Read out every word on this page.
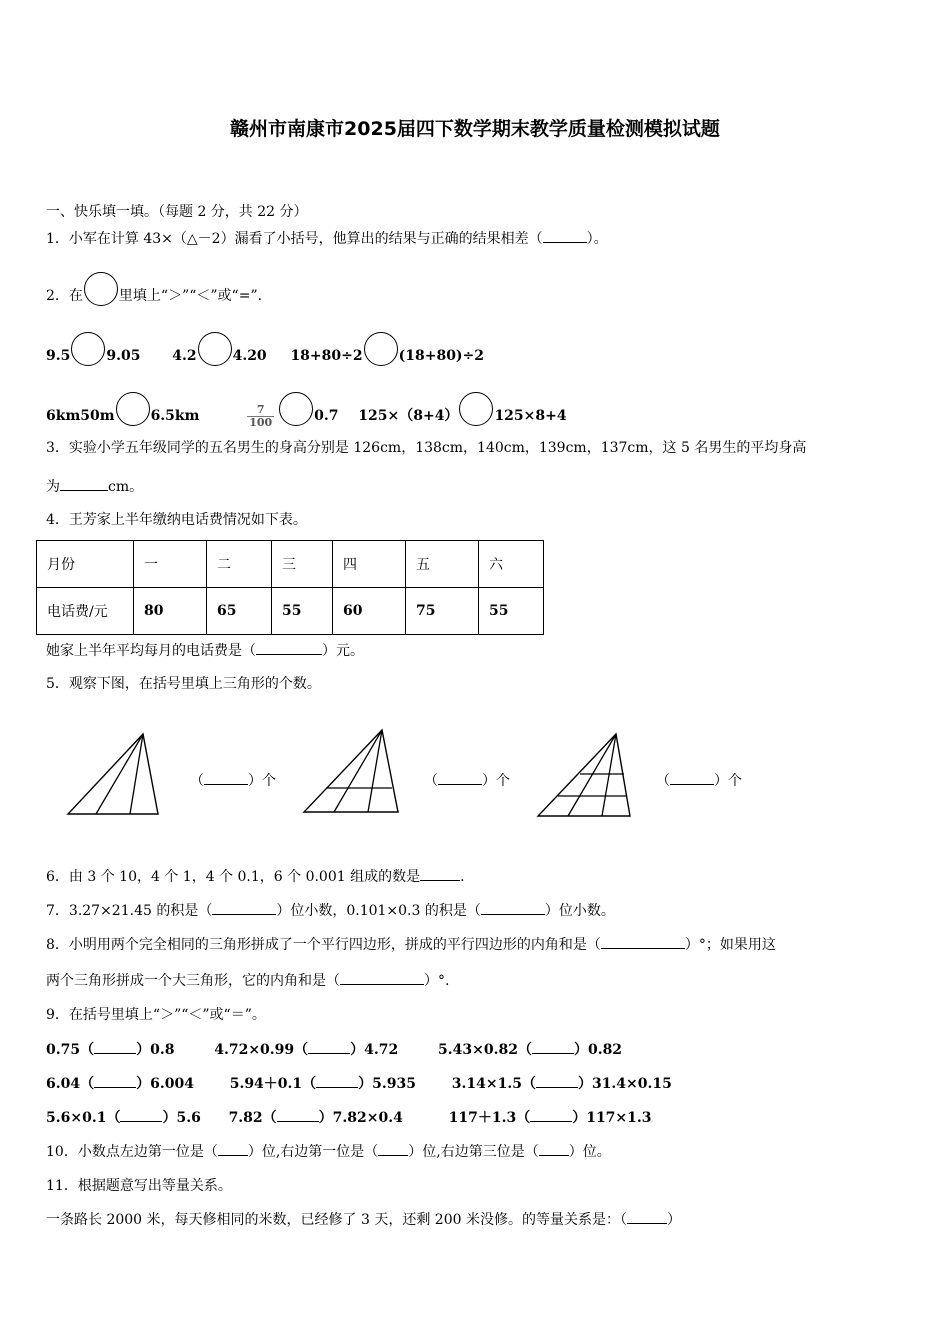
赣州市南康市2025届四下数学期末教学质量检测模拟试题
一、快乐填一填。（每题 2 分，共 22 分）
1．小军在计算 43×（△－2）漏看了小括号，他算出的结果与正确的结果相差（	）。
2．在	里填上“＞”“＜”或“=”.
9.5	9.05 4.2	4.20 18+80÷2	(18+80)÷2
6km50m	6.5km	$\frac{7}{100}$	0.7 125×（8+4）	125×8+4
3．实验小学五年级同学的五名男生的身高分别是 126cm，138cm，140cm，139cm，137cm，这 5 名男生的平均身高
为	cm。
4．王芳家上半年缴纳电话费情况如下表。
月份	一	二	三	四	五	六
电话费/元	80	65	55	60	75	55
她家上半年平均每月的电话费是（	）元。
5．观察下图，在括号里填上三角形的个数。
（	）个	（	）个	（	）个
6．由 3 个 10，4 个 1，4 个 0.1，6 个 0.001 组成的数是	.
7．3.27×21.45 的积是（	）位小数，0.101×0.3 的积是（	）位小数。
8．小明用两个完全相同的三角形拼成了一个平行四边形，拼成的平行四边形的内角和是（	）°；如果用这
两个三角形拼成一个大三角形，它的内角和是（	）°.
9．在括号里填上“＞”“＜”或“＝”。
0.75（	）0.8	4.72×0.99（	）4.72	5.43×0.82（	）0.82
6.04（	）6.004	5.94＋0.1（	）5.935	3.14×1.5（	）31.4×0.15
5.6×0.1（	）5.6 7.82（	）7.82×0.4	117＋1.3（	）117×1.3
10．小数点左边第一位是（ ）位,右边第一位是（ ）位,右边第三位是（ ）位。
11．根据题意写出等量关系。
一条路长 2000 米，每天修相同的米数，已经修了 3 天，还剩 200 米没修。的等量关系是：（	）
